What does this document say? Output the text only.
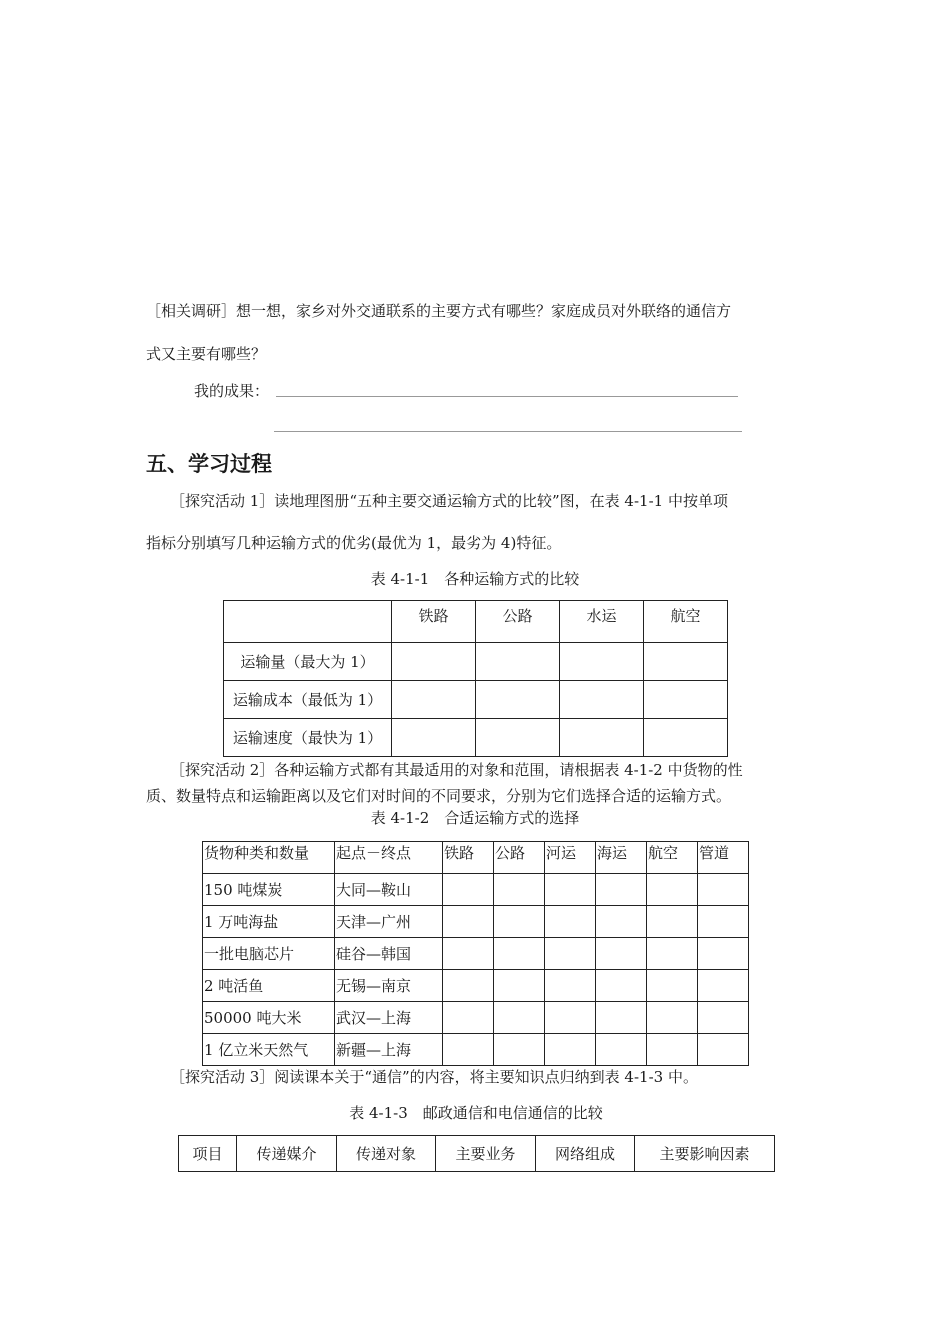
［相关调研］想一想，家乡对外交通联系的主要方式有哪些？家庭成员对外联络的通信方
式又主要有哪些？
我的成果：
五、学习过程
［探究活动 1］读地理图册“五种主要交通运输方式的比较”图，在表 4-1-1 中按单项
指标分别填写几种运输方式的优劣(最优为 1，最劣为 4)特征。
表 4-1-1　各种运输方式的比较
	铁路	公路	水运	航空
运输量（最大为 1）				
运输成本（最低为 1）				
运输速度（最快为 1）				
［探究活动 2］各种运输方式都有其最适用的对象和范围，请根据表 4-1-2 中货物的性
质、数量特点和运输距离以及它们对时间的不同要求，分别为它们选择合适的运输方式。
表 4-1-2　合适运输方式的选择
货物种类和数量	起点－终点	铁路	公路	河运	海运	航空	管道
150 吨煤炭	大同—鞍山						
1 万吨海盐	天津—广州						
一批电脑芯片	硅谷—韩国						
2 吨活鱼	无锡—南京						
50000 吨大米	武汉—上海						
1 亿立米天然气	新疆—上海						
［探究活动 3］阅读课本关于“通信”的内容，将主要知识点归纳到表 4-1-3 中。
表 4-1-3　邮政通信和电信通信的比较
项目	传递媒介	传递对象	主要业务	网络组成	主要影响因素
